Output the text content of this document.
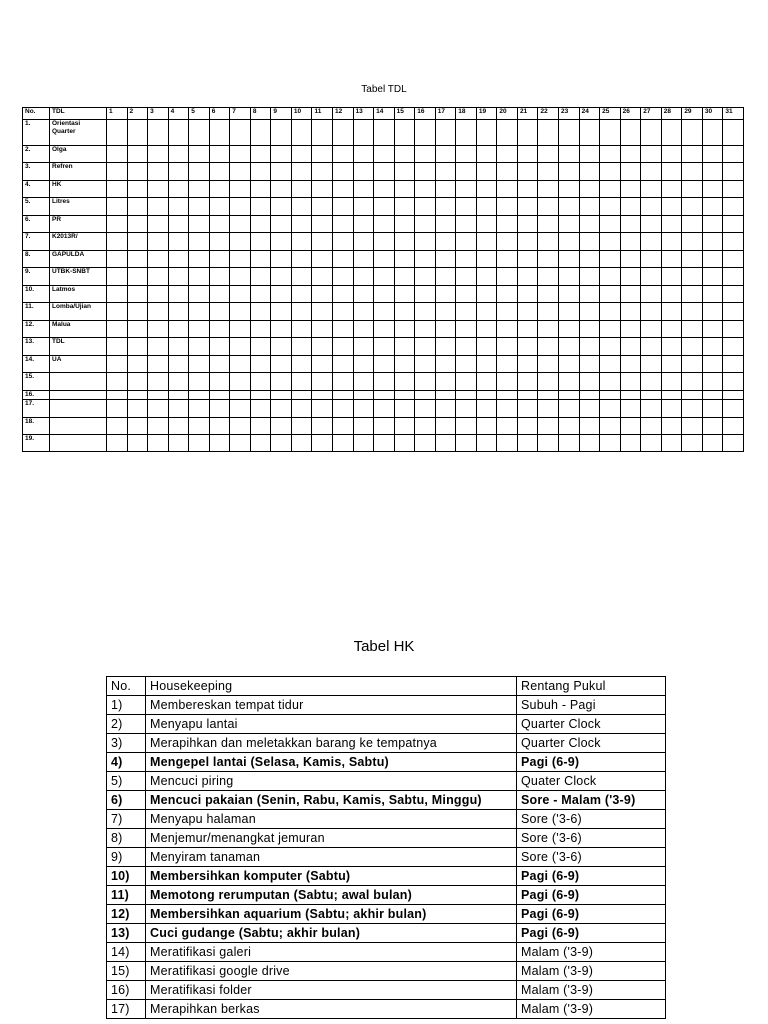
Tabel TDL
No.	TDL	1	2	3	4	5	6	7	8	9	10	11	12	13	14	15	16	17	18	19	20	21	22	23	24	25	26	27	28	29	30	31
1.	Orientasi Quarter																															
2.	Olga																															
3.	Refren																															
4.	HK																															
5.	Litres																															
6.	PR																															
7.	K2013R/																															
8.	GAPULDA																															
9.	UTBK-SNBT																															
10.	Latmos																															
11.	Lomba/Ujian																															
12.	Malua																															
13.	TDL																															
14.	UA																															
15.																																
16.																																
17.																																
18.																																
19.																																
Tabel HK
No.	Housekeeping	Rentang Pukul
1)	Membereskan tempat tidur	Subuh - Pagi
2)	Menyapu lantai	Quarter Clock
3)	Merapihkan dan meletakkan barang ke tempatnya	Quarter Clock
4)	Mengepel lantai (Selasa, Kamis, Sabtu)	Pagi (6-9)
5)	Mencuci piring	Quater Clock
6)	Mencuci pakaian (Senin, Rabu, Kamis, Sabtu, Minggu)	Sore - Malam ('3-9)
7)	Menyapu halaman	Sore ('3-6)
8)	Menjemur/menangkat jemuran	Sore ('3-6)
9)	Menyiram tanaman	Sore ('3-6)
10)	Membersihkan komputer (Sabtu)	Pagi (6-9)
11)	Memotong rerumputan (Sabtu; awal bulan)	Pagi (6-9)
12)	Membersihkan aquarium (Sabtu; akhir bulan)	Pagi (6-9)
13)	Cuci gudange (Sabtu; akhir bulan)	Pagi (6-9)
14)	Meratifikasi galeri	Malam ('3-9)
15)	Meratifikasi google drive	Malam ('3-9)
16)	Meratifikasi folder	Malam ('3-9)
17)	Merapihkan berkas	Malam ('3-9)
